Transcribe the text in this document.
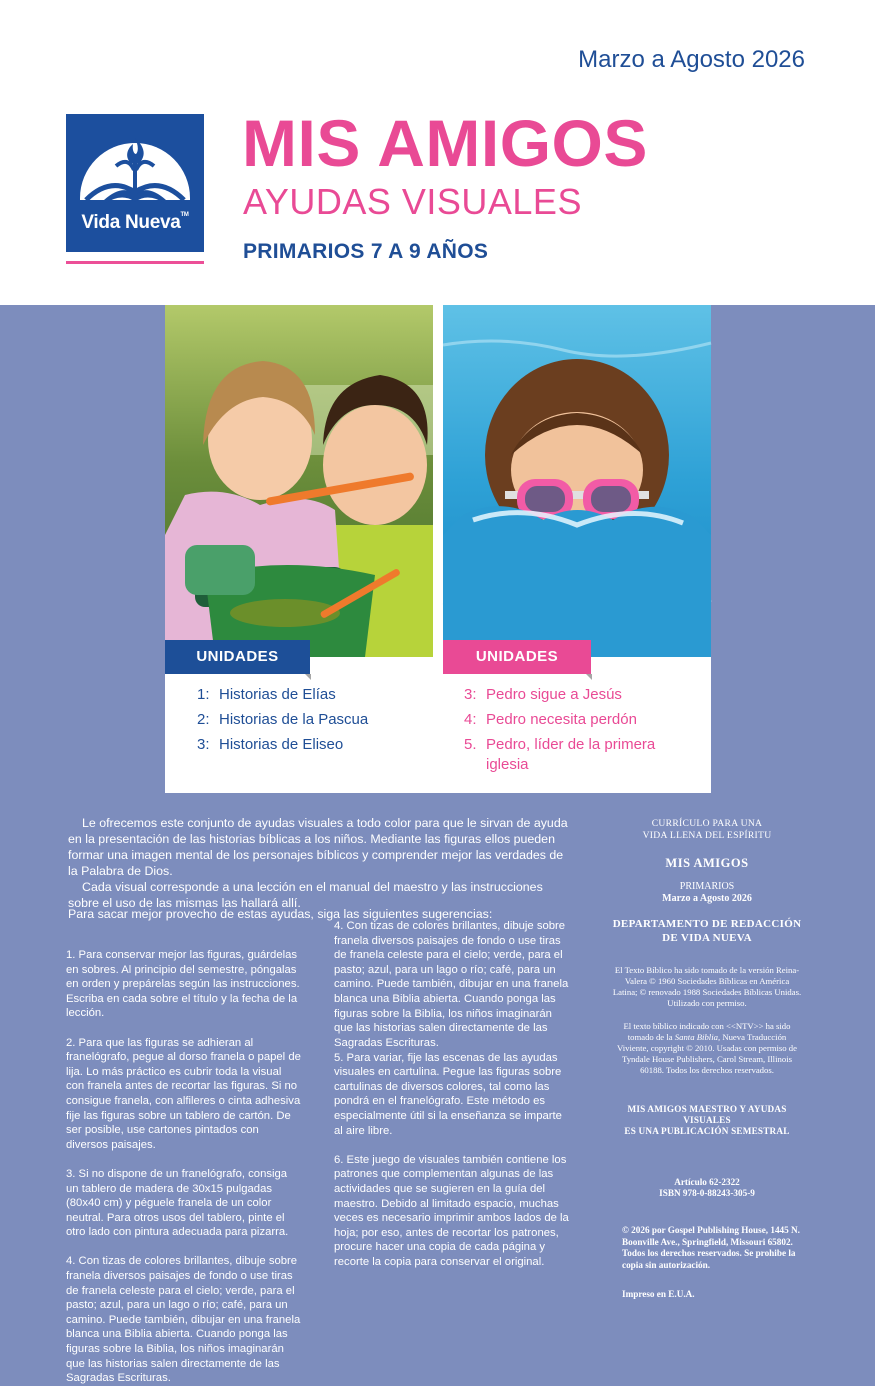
Marzo a Agosto 2026
Vida Nueva™
MIS AMIGOS
AYUDAS VISUALES
PRIMARIOS 7 A 9 AÑOS
UNIDADES	UNIDADES
1: Historias de Elías
2: Historias de la Pascua
3: Historias de Eliseo
3: Pedro sigue a Jesús
4: Pedro necesita perdón
5. Pedro, líder de la primera iglesia

Le ofrecemos este conjunto de ayudas visuales a todo color para que le sirvan de ayuda en la presentación de las historias bíblicas a los niños. Mediante las figuras ellos pueden formar una imagen mental de los personajes bíblicos y comprender mejor las verdades de la Palabra de Dios.

Cada visual corresponde a una lección en el manual del maestro y las instrucciones sobre el uso de las mismas las hallará allí.

Para sacar mejor provecho de estas ayudas, siga las siguientes sugerencias:

1. Para conservar mejor las figuras, guárdelas en sobres. Al principio del semestre, póngalas en orden y prepárelas según las instrucciones. Escriba en cada sobre el título y la fecha de la lección.

2. Para que las figuras se adhieran al franelógrafo, pegue al dorso franela o papel de lija. Lo más práctico es cubrir toda la visual con franela antes de recortar las figuras. Si no consigue franela, con alfileres o cinta adhesiva fije las figuras sobre un tablero de cartón. De ser posible, use cartones pintados con diversos paisajes.

3. Si no dispone de un franelógrafo, consiga un tablero de madera de 30x15 pulgadas (80x40 cm) y péguele franela de un color neutral. Para otros usos del tablero, pinte el otro lado con pintura adecuada para pizarra.

4. Con tizas de colores brillantes, dibuje sobre franela diversos paisajes de fondo o use tiras de franela celeste para el cielo; verde, para el pasto; azul, para un lago o río; café, para un camino. Puede también, dibujar en una franela blanca una Biblia abierta. Cuando ponga las figuras sobre la Biblia, los niños imaginarán que las historias salen directamente de las Sagradas Escrituras.

4. Con tizas de colores brillantes, dibuje sobre franela diversos paisajes de fondo o use tiras de franela celeste para el cielo; verde, para el pasto; azul, para un lago o río; café, para un camino. Puede también, dibujar en una franela blanca una Biblia abierta. Cuando ponga las figuras sobre la Biblia, los niños imaginarán que las historias salen directamente de las Sagradas Escrituras.

5. Para variar, fije las escenas de las ayudas visuales en cartulina. Pegue las figuras sobre cartulinas de diversos colores, tal como las pondrá en el franelógrafo. Este método es especialmente útil si la enseñanza se imparte al aire libre.

6. Este juego de visuales también contiene los patrones que complementan algunas de las actividades que se sugieren en la guía del maestro. Debido al limitado espacio, muchas veces es necesario imprimir ambos lados de la hoja; por eso, antes de recortar los patrones, procure hacer una copia de cada página y recorte la copia para conservar el original.

CURRÍCULO PARA UNA
VIDA LLENA DEL ESPÍRITU
MIS AMIGOS
PRIMARIOS
Marzo a Agosto 2026
DEPARTAMENTO DE REDACCIÓN
DE VIDA NUEVA
El Texto Bíblico ha sido tomado de la versión Reina-Valera © 1960 Sociedades Bíblicas en América Latina; © renovado 1988 Sociedades Bíblicas Unidas. Utilizado con permiso.
El texto bíblico indicado con <<NTV>> ha sido tomado de la Santa Biblia, Nueva Traducción Viviente, copyright © 2010. Usadas con permiso de Tyndale House Publishers, Carol Stream, Illinois 60188. Todos los derechos reservados.
MIS AMIGOS MAESTRO Y AYUDAS VISUALES
ES UNA PUBLICACIÓN SEMESTRAL
Artículo 62-2322
ISBN 978-0-88243-305-9
© 2026 por Gospel Publishing House, 1445 N. Boonville Ave., Springfield, Missouri 65802. Todos los derechos reservados. Se prohibe la copia sin autorización.
Impreso en E.U.A.
